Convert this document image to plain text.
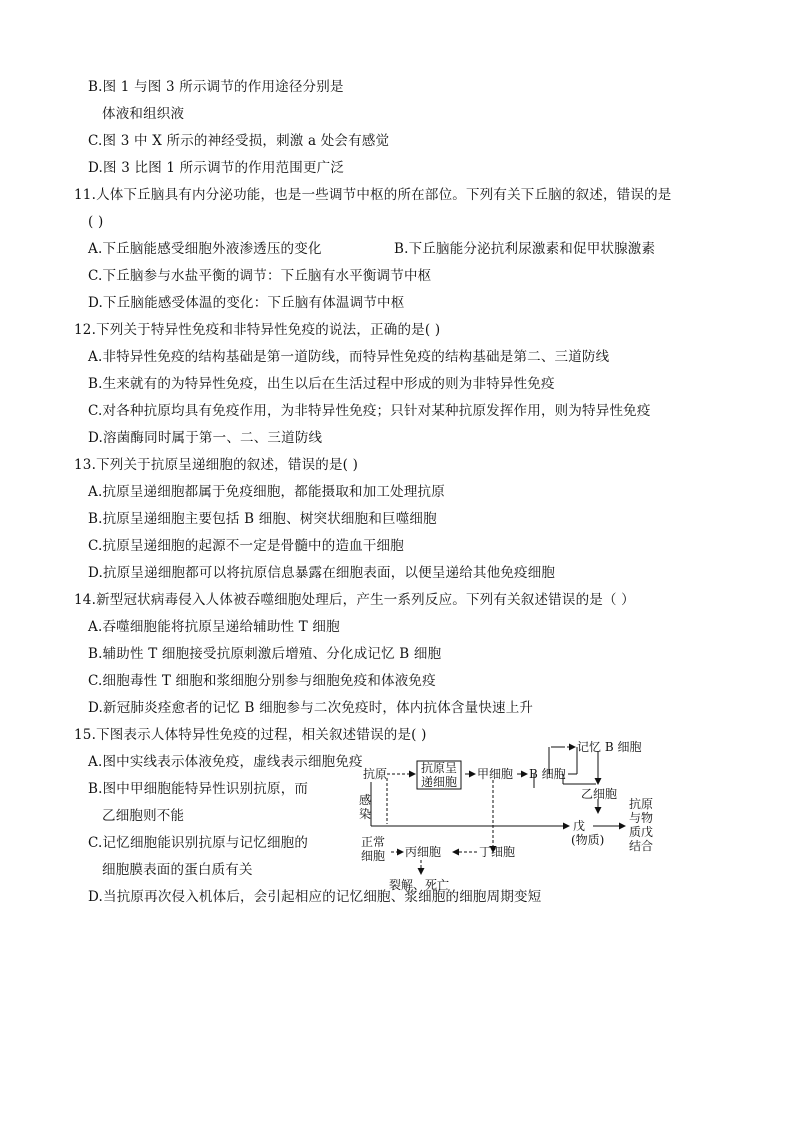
B.图 1 与图 3 所示调节的作用途径分别是
体液和组织液
C.图 3 中 X 所示的神经受损，刺激 a 处会有感觉
D.图 3 比图 1 所示调节的作用范围更广泛
11.人体下丘脑具有内分泌功能，也是一些调节中枢的所在部位。下列有关下丘脑的叙述，错误的是
( )
A.下丘脑能感受细胞外液渗透压的变化	B.下丘脑能分泌抗利尿激素和促甲状腺激素
C.下丘脑参与水盐平衡的调节：下丘脑有水平衡调节中枢
D.下丘脑能感受体温的变化：下丘脑有体温调节中枢
12.下列关于特异性免疫和非特异性免疫的说法，正确的是( )
A.非特异性免疫的结构基础是第一道防线，而特异性免疫的结构基础是第二、三道防线
B.生来就有的为特异性免疫，出生以后在生活过程中形成的则为非特异性免疫
C.对各种抗原均具有免疫作用，为非特异性免疫；只针对某种抗原发挥作用，则为特异性免疫
D.溶菌酶同时属于第一、二、三道防线
13.下列关于抗原呈递细胞的叙述，错误的是( )
A.抗原呈递细胞都属于免疫细胞，都能摄取和加工处理抗原
B.抗原呈递细胞主要包括 B 细胞、树突状细胞和巨噬细胞
C.抗原呈递细胞的起源不一定是骨髓中的造血干细胞
D.抗原呈递细胞都可以将抗原信息暴露在细胞表面，以便呈递给其他免疫细胞
14.新型冠状病毒侵入人体被吞噬细胞处理后，产生一系列反应。下列有关叙述错误的是（ ）
A.吞噬细胞能将抗原呈递给辅助性 T 细胞
B.辅助性 T 细胞接受抗原刺激后增殖、分化成记忆 B 细胞
C.细胞毒性 T 细胞和浆细胞分别参与细胞免疫和体液免疫
D.新冠肺炎痊愈者的记忆 B 细胞参与二次免疫时，体内抗体含量快速上升
15.下图表示人体特异性免疫的过程，相关叙述错误的是( )
A.图中实线表示体液免疫，虚线表示细胞免疫
B.图中甲细胞能特异性识别抗原，而
乙细胞则不能
C.记忆细胞能识别抗原与记忆细胞的
细胞膜表面的蛋白质有关
D.当抗原再次侵入机体后，会引起相应的记忆细胞、浆细胞的细胞周期变短
抗原	抗原呈
递细胞
甲细胞 B 细胞
记忆 B 细胞
乙细胞
戊
(物质)
感
染
正常
细胞 丙细胞	丁细胞
裂解、死亡
抗原
与物
质戊
结合
